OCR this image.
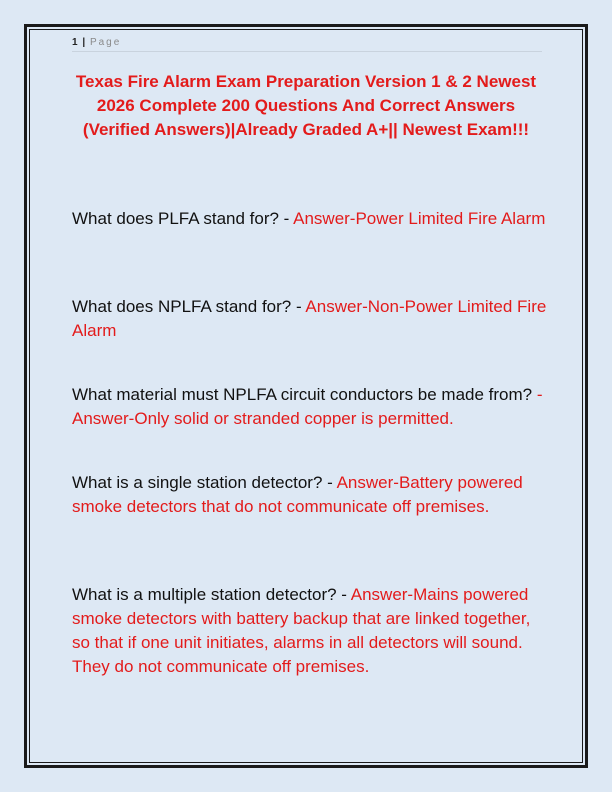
1 | Page
Texas Fire Alarm Exam Preparation Version 1 & 2 Newest 2026 Complete 200 Questions And Correct Answers (Verified Answers)|Already Graded A+|| Newest Exam!!!

What does PLFA stand for? - Answer-Power Limited Fire Alarm

What does NPLFA stand for? - Answer-Non-Power Limited Fire Alarm

What material must NPLFA circuit conductors be made from? - Answer-Only solid or stranded copper is permitted.

What is a single station detector? - Answer-Battery powered smoke detectors that do not communicate off premises.

What is a multiple station detector? - Answer-Mains powered smoke detectors with battery backup that are linked together, so that if one unit initiates, alarms in all detectors will sound. They do not communicate off premises.
